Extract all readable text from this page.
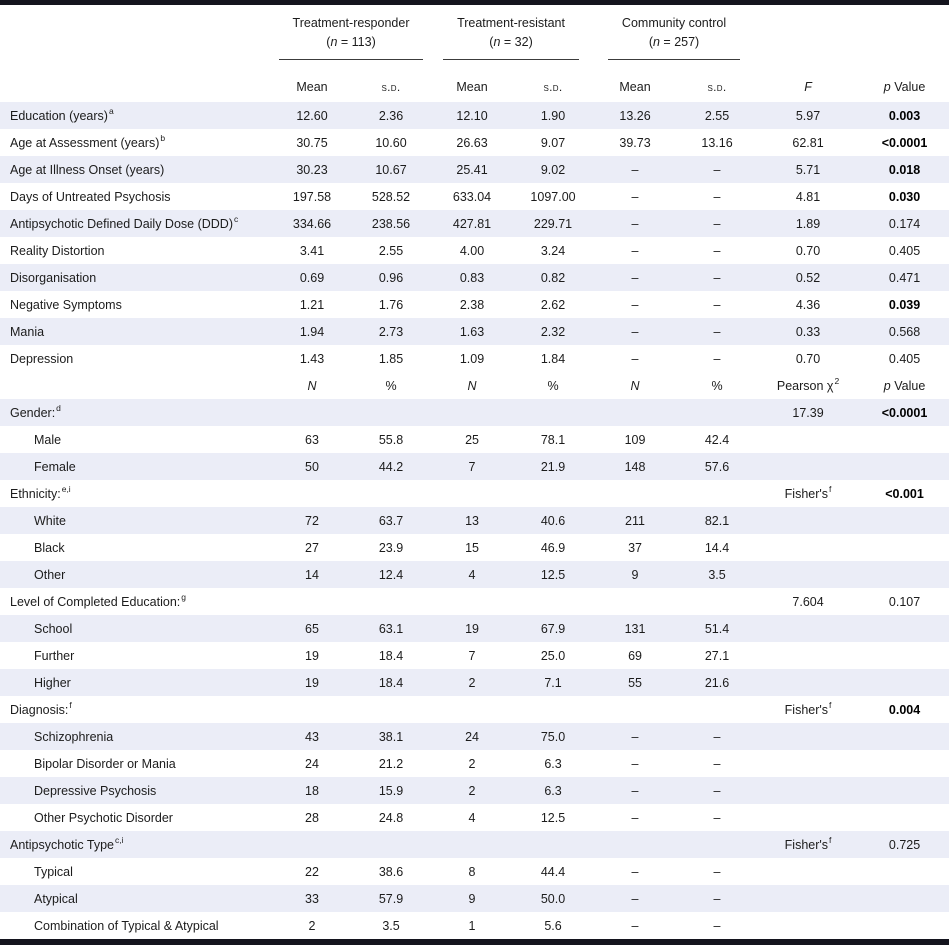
Treatment-responder
(n = 113)

Treatment-resistant
(n = 32)

Community control
(n = 257)

	Mean	s.d.	Mean	s.d.	Mean	s.d.	F	p Value
Education (years)$^a$	12.60	2.36	12.10	1.90	13.26	2.55	5.97	0.003
Age at Assessment (years)$^b$	30.75	10.60	26.63	9.07	39.73	13.16	62.81	<0.0001
Age at Illness Onset (years)	30.23	10.67	25.41	9.02	–	–	5.71	0.018
Days of Untreated Psychosis	197.58	528.52	633.04	1097.00	–	–	4.81	0.030
Antipsychotic Defined Daily Dose (DDD)$^c$	334.66	238.56	427.81	229.71	–	–	1.89	0.174
Reality Distortion	3.41	2.55	4.00	3.24	–	–	0.70	0.405
Disorganisation	0.69	0.96	0.83	0.82	–	–	0.52	0.471
Negative Symptoms	1.21	1.76	2.38	2.62	–	–	4.36	0.039
Mania	1.94	2.73	1.63	2.32	–	–	0.33	0.568
Depression	1.43	1.85	1.09	1.84	–	–	0.70	0.405
	N	%	N	%	N	%	Pearson $\chi^2$	p Value
Gender:$^d$							17.39	<0.0001
Male	63	55.8	25	78.1	109	42.4		
Female	50	44.2	7	21.9	148	57.6		
Ethnicity:$^{e,i}$							$Fisher's^f$	<0.001
White	72	63.7	13	40.6	211	82.1		
Black	27	23.9	15	46.9	37	14.4		
Other	14	12.4	4	12.5	9	3.5		
Level of Completed Education:$^g$							7.604	0.107
School	65	63.1	19	67.9	131	51.4		
Further	19	18.4	7	25.0	69	27.1		
Higher	19	18.4	2	7.1	55	21.6		
Diagnosis:$^f$							$Fisher's^f$	0.004
Schizophrenia	43	38.1	24	75.0	–	–		
Bipolar Disorder or Mania	24	21.2	2	6.3	–	–		
Depressive Psychosis	18	15.9	2	6.3	–	–		
Other Psychotic Disorder	28	24.8	4	12.5	–	–		
Antipsychotic Type$^{c,i}$							$Fisher's^f$	0.725
Typical	22	38.6	8	44.4	–	–		
Atypical	33	57.9	9	50.0	–	–		
Combination of Typical & Atypical	2	3.5	1	5.6	–	–		
